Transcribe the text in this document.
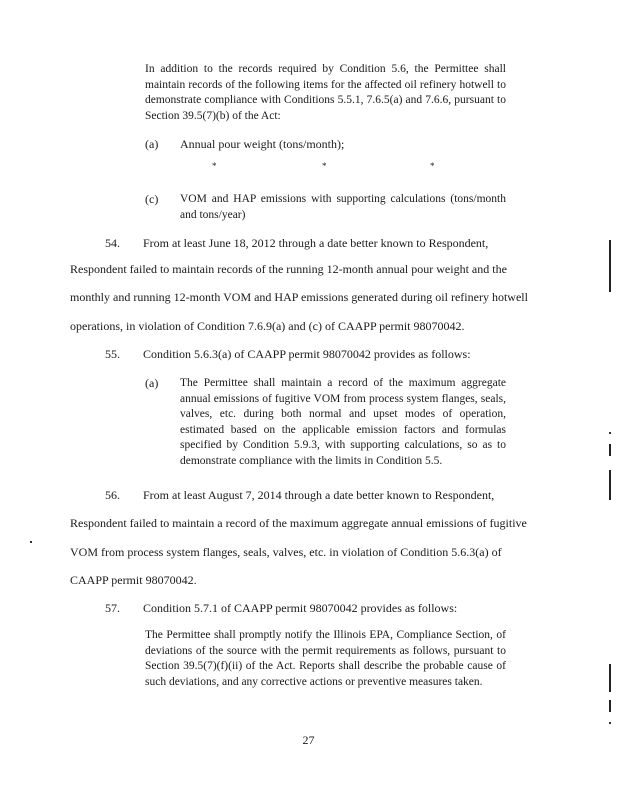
In addition to the records required by Condition 5.6, the Permittee shall maintain records of the following items for the affected oil refinery hotwell to demonstrate compliance with Conditions 5.5.1, 7.6.5(a) and 7.6.6, pursuant to Section 39.5(7)(b) of the Act:
(a) Annual pour weight (tons/month);
*	*	*
(c) VOM and HAP emissions with supporting calculations (tons/month and tons/year)
54. From at least June 18, 2012 through a date better known to Respondent,
Respondent failed to maintain records of the running 12-month annual pour weight and the
monthly and running 12-month VOM and HAP emissions generated during oil refinery hotwell
operations, in violation of Condition 7.6.9(a) and (c) of CAAPP permit 98070042.
55. Condition 5.6.3(a) of CAAPP permit 98070042 provides as follows:
(a) The Permittee shall maintain a record of the maximum aggregate annual emissions of fugitive VOM from process system flanges, seals, valves, etc. during both normal and upset modes of operation, estimated based on the applicable emission factors and formulas specified by Condition 5.9.3, with supporting calculations, so as to demonstrate compliance with the limits in Condition 5.5.
56. From at least August 7, 2014 through a date better known to Respondent,
Respondent failed to maintain a record of the maximum aggregate annual emissions of fugitive
VOM from process system flanges, seals, valves, etc. in violation of Condition 5.6.3(a) of
CAAPP permit 98070042.
57. Condition 5.7.1 of CAAPP permit 98070042 provides as follows:
The Permittee shall promptly notify the Illinois EPA, Compliance Section, of deviations of the source with the permit requirements as follows, pursuant to Section 39.5(7)(f)(ii) of the Act. Reports shall describe the probable cause of such deviations, and any corrective actions or preventive measures taken.
27
